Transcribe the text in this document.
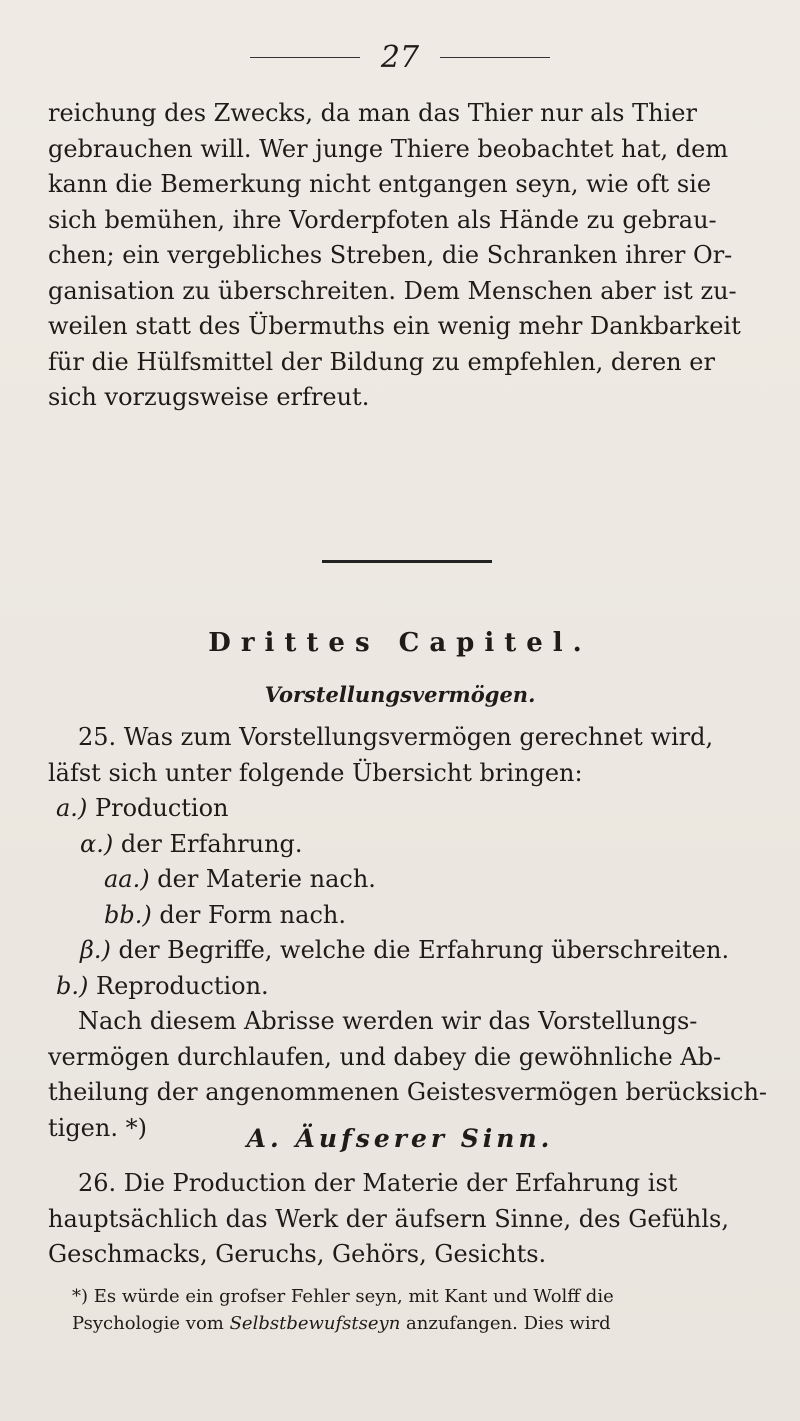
27
reichung des Zwecks, da man das Thier nur als Thier
gebrauchen will. Wer junge Thiere beobachtet hat, dem
kann die Bemerkung nicht entgangen seyn, wie oft sie
sich bemühen, ihre Vorderpfoten als Hände zu gebrau-
chen; ein vergebliches Streben, die Schranken ihrer Or-
ganisation zu überschreiten. Dem Menschen aber ist zu-
weilen statt des Übermuths ein wenig mehr Dankbarkeit
für die Hülfsmittel der Bildung zu empfehlen, deren er
sich vorzugsweise erfreut.
Drittes Capitel.
Vorstellungsvermögen.
25. Was zum Vorstellungsvermögen gerechnet wird,
läfst sich unter folgende Übersicht bringen:
a.) Production
α.) der Erfahrung.
aa.) der Materie nach.
bb.) der Form nach.
β.) der Begriffe, welche die Erfahrung überschreiten.
b.) Reproduction.
Nach diesem Abrisse werden wir das Vorstellungs-
vermögen durchlaufen, und dabey die gewöhnliche Ab-
theilung der angenommenen Geistesvermögen berücksich-
tigen. *)	A. Äufserer Sinn.
26. Die Production der Materie der Erfahrung ist
hauptsächlich das Werk der äufsern Sinne, des Gefühls,
Geschmacks, Geruchs, Gehörs, Gesichts.
*) Es würde ein grofser Fehler seyn, mit Kant und Wolff die
Psychologie vom Selbstbewufstseyn anzufangen. Dies wird
